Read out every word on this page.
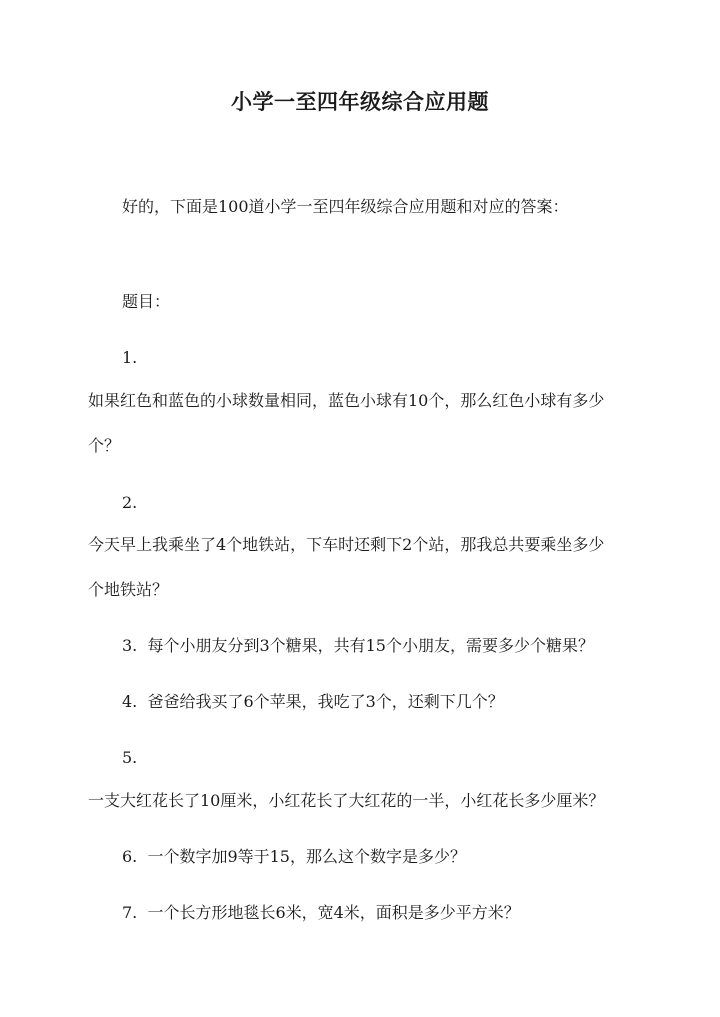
小学一至四年级综合应用题
好的，下面是100道小学一至四年级综合应用题和对应的答案：
题目：
1.
如果红色和蓝色的小球数量相同，蓝色小球有10个，那么红色小球有多少
个？
2.
今天早上我乘坐了4个地铁站，下车时还剩下2个站，那我总共要乘坐多少
个地铁站？
3. 每个小朋友分到3个糖果，共有15个小朋友，需要多少个糖果？
4. 爸爸给我买了6个苹果，我吃了3个，还剩下几个？
5.
一支大红花长了10厘米，小红花长了大红花的一半，小红花长多少厘米？
6. 一个数字加9等于15，那么这个数字是多少？
7. 一个长方形地毯长6米，宽4米，面积是多少平方米？
